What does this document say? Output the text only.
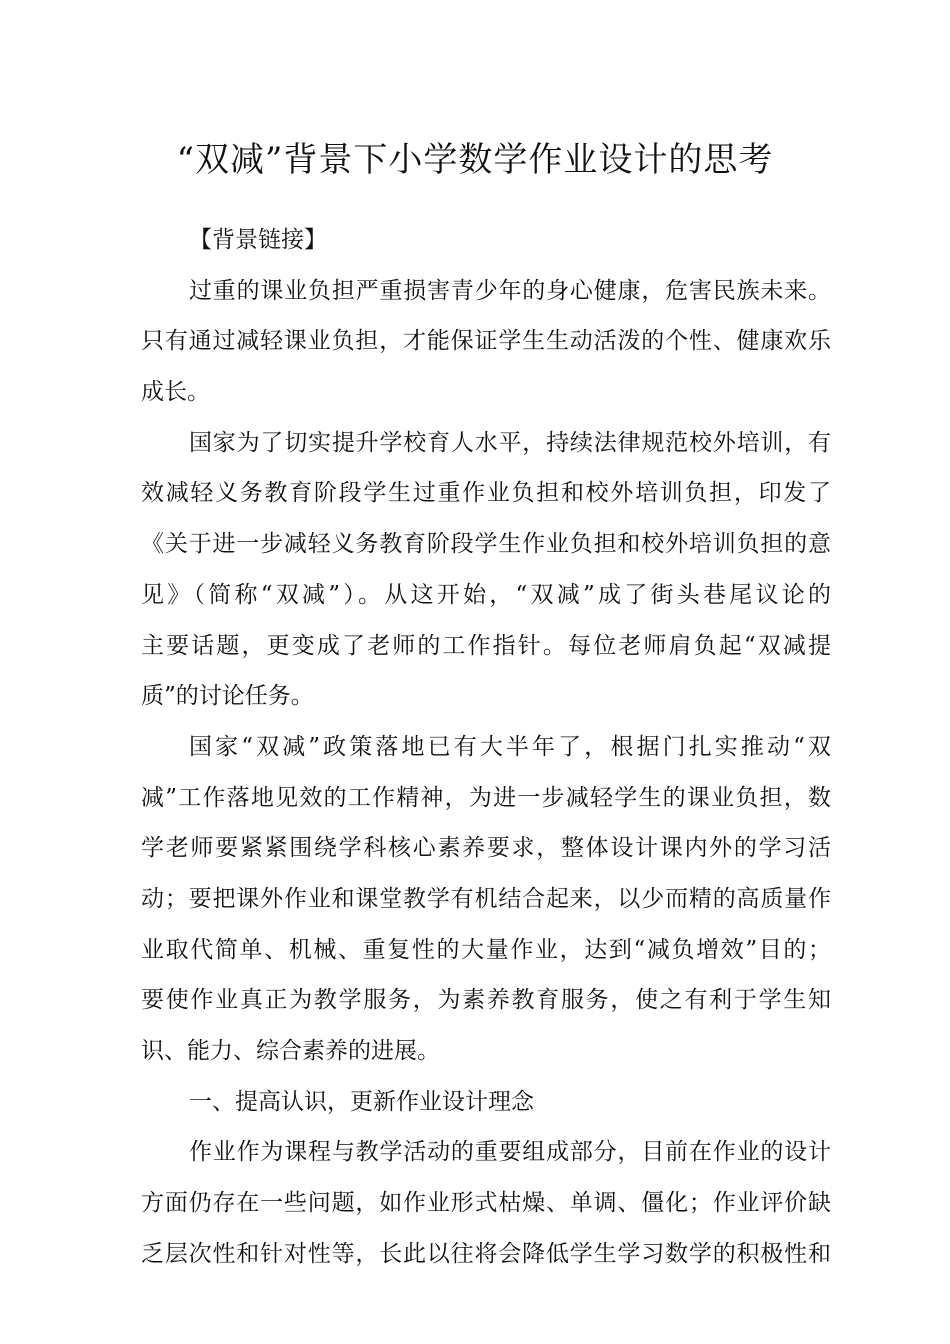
“双减”背景下小学数学作业设计的思考
【背景链接】
过重的课业负担严重损害青少年的身心健康，危害民族未来。
只有通过减轻课业负担，才能保证学生生动活泼的个性、健康欢乐
成长。
国家为了切实提升学校育人水平，持续法律规范校外培训，有
效减轻义务教育阶段学生过重作业负担和校外培训负担，印发了
《关于进一步减轻义务教育阶段学生作业负担和校外培训负担的意
见》（简称“双减”）。从这开始，“双减”成了街头巷尾议论的
主要话题，更变成了老师的工作指针。每位老师肩负起“双减提
质”的讨论任务。
国家“双减”政策落地已有大半年了，根据门扎实推动“双
减”工作落地见效的工作精神，为进一步减轻学生的课业负担，数
学老师要紧紧围绕学科核心素养要求，整体设计课内外的学习活
动；要把课外作业和课堂教学有机结合起来，以少而精的高质量作
业取代简单、机械、重复性的大量作业，达到“减负增效”目的；
要使作业真正为教学服务，为素养教育服务，使之有利于学生知
识、能力、综合素养的进展。
一、提高认识，更新作业设计理念
作业作为课程与教学活动的重要组成部分，目前在作业的设计
方面仍存在一些问题，如作业形式枯燥、单调、僵化；作业评价缺
乏层次性和针对性等，长此以往将会降低学生学习数学的积极性和
